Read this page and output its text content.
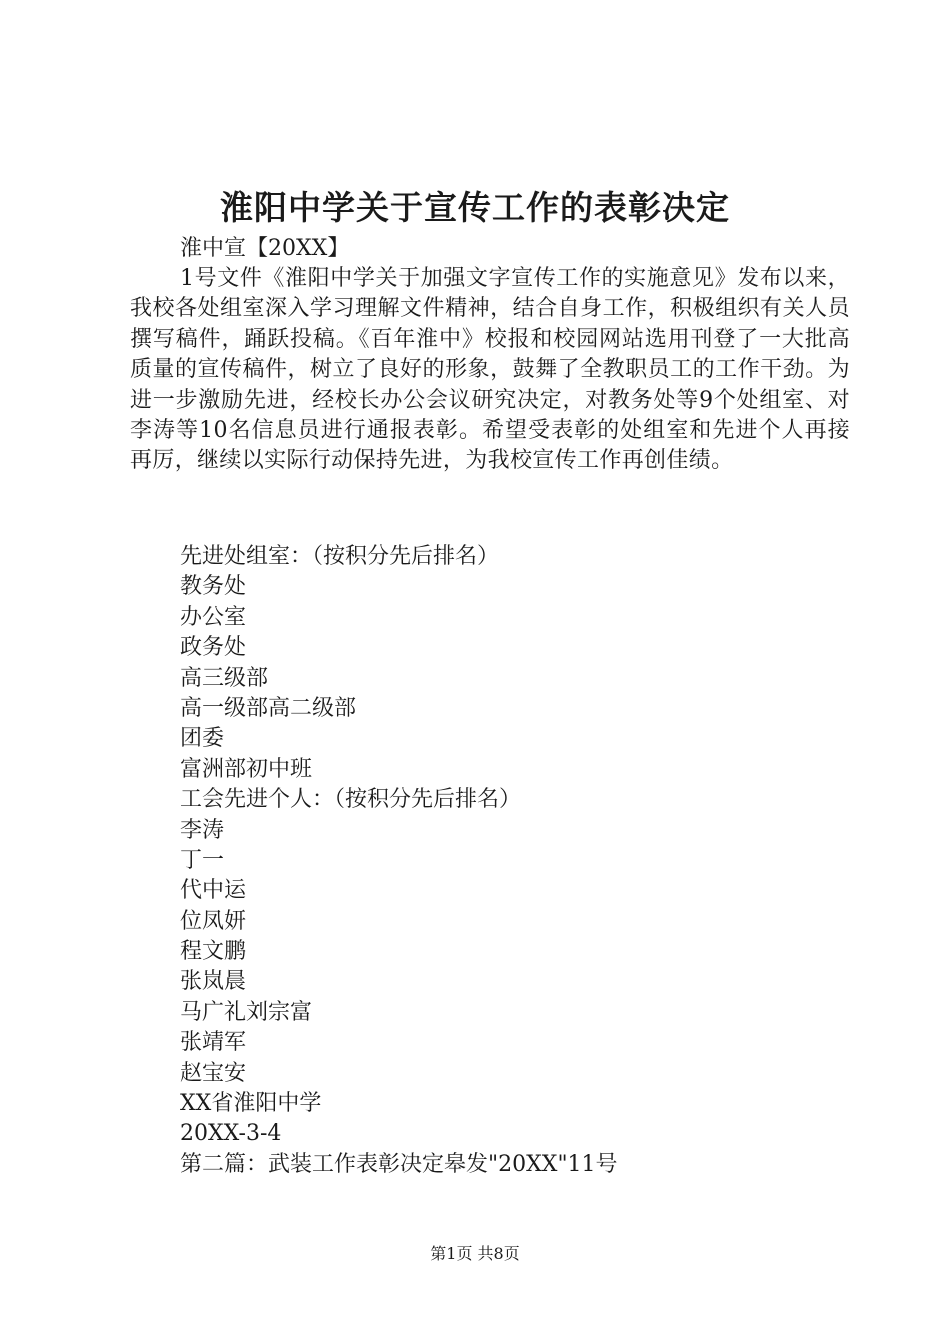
淮阳中学关于宣传工作的表彰决定

淮中宣【20XX】

1号文件《淮阳中学关于加强文字宣传工作的实施意见》发布以来，我校各处组室深入学习理解文件精神，结合自身工作，积极组织有关人员撰写稿件，踊跃投稿。《百年淮中》校报和校园网站选用刊登了一大批高质量的宣传稿件，树立了良好的形象，鼓舞了全教职员工的工作干劲。为进一步激励先进，经校长办公会议研究决定，对教务处等9个处组室、对李涛等10名信息员进行通报表彰。希望受表彰的处组室和先进个人再接再厉，继续以实际行动保持先进，为我校宣传工作再创佳绩。

先进处组室：（按积分先后排名）
教务处
办公室
政务处
高三级部
高一级部高二级部
团委
富洲部初中班
工会先进个人：（按积分先后排名）
李涛
丁一
代中运
位凤妍
程文鹏
张岚晨
马广礼刘宗富
张靖军
赵宝安
XX省淮阳中学
20XX-3-4
第二篇：武装工作表彰决定皋发"20XX"11号

第1页 共8页
